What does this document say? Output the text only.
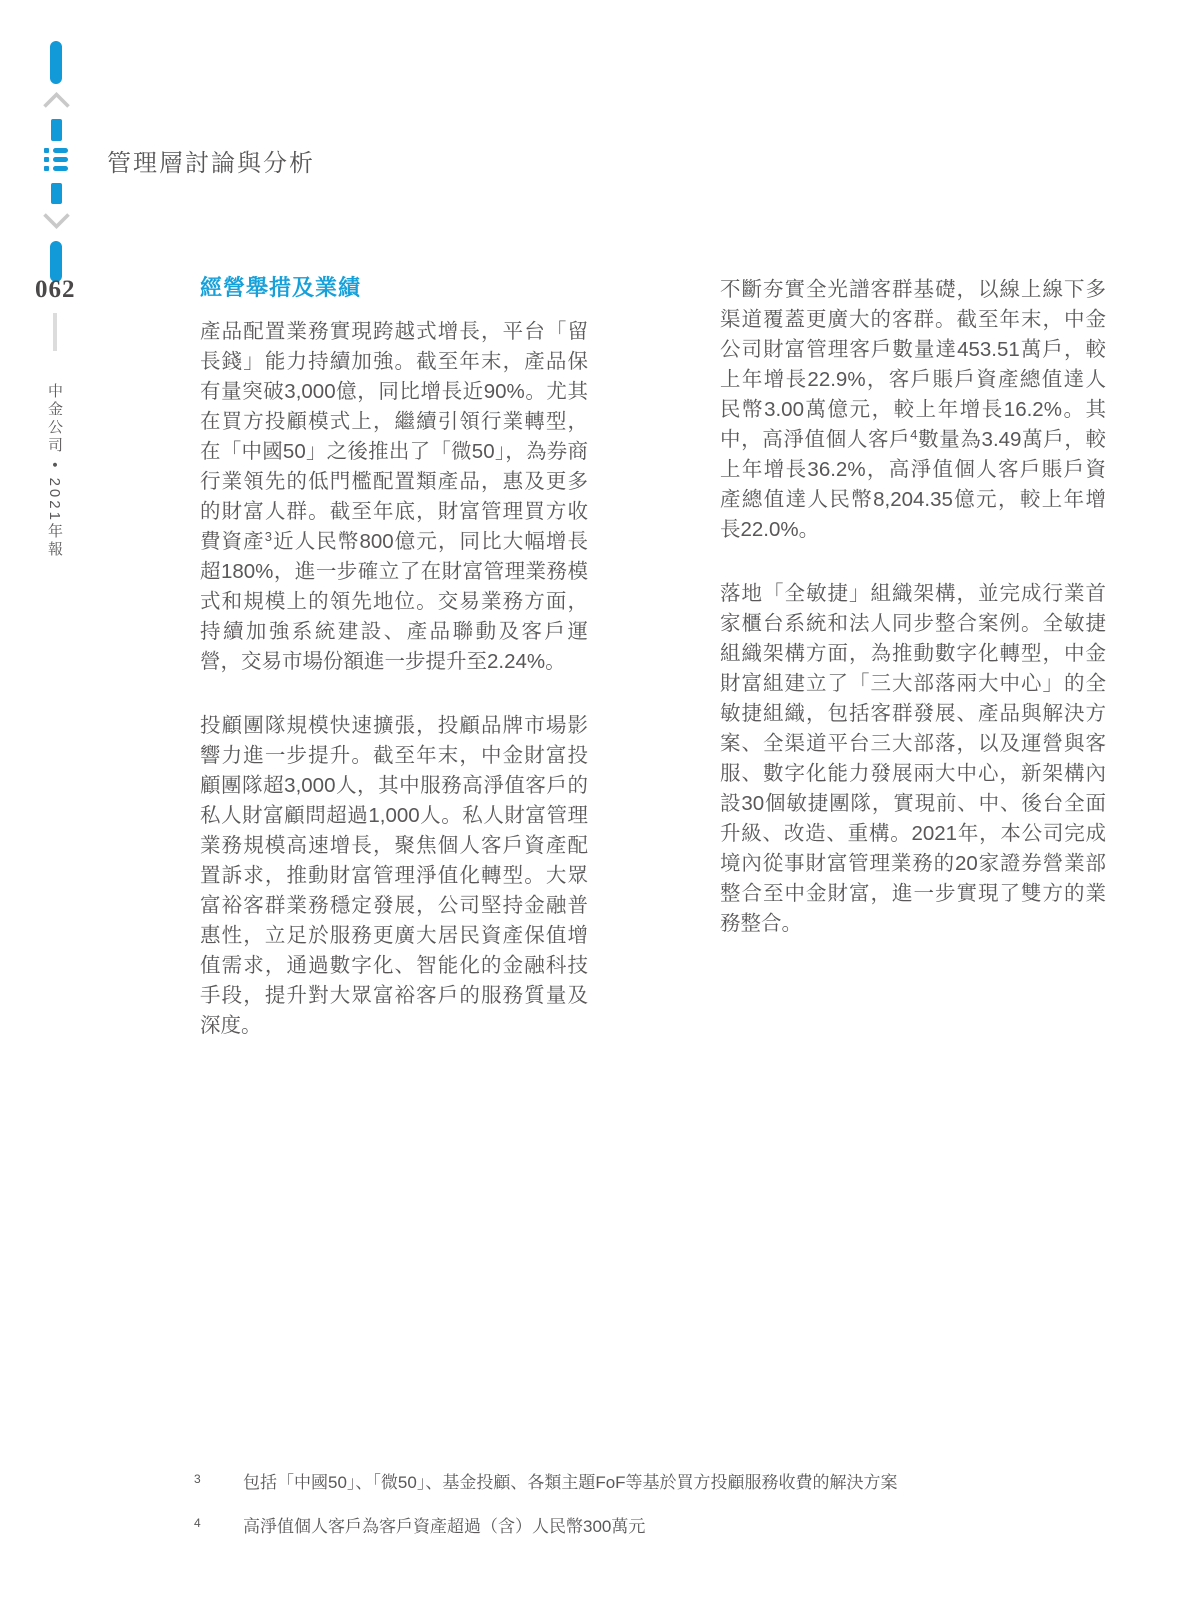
062
中金公司 • 2021年報
管理層討論與分析
經營舉措及業績

產品配置業務實現跨越式增長，平台「留長錢」能力持續加強。截至年末，產品保有量突破3,000億，同比增長近90%。尤其在買方投顧模式上，繼續引領行業轉型，在「中國50」之後推出了「微50」，為券商行業領先的低門檻配置類產品，惠及更多的財富人群。截至年底，財富管理買方收費資產$^3$近人民幣800億元，同比大幅增長超180%，進一步確立了在財富管理業務模式和規模上的領先地位。交易業務方面，持續加強系統建設、產品聯動及客戶運營，交易市場份額進一步提升至2.24%。

投顧團隊規模快速擴張，投顧品牌市場影響力進一步提升。截至年末，中金財富投顧團隊超3,000人，其中服務高淨值客戶的私人財富顧問超過1,000人。私人財富管理業務規模高速增長，聚焦個人客戶資產配置訴求，推動財富管理淨值化轉型。大眾富裕客群業務穩定發展，公司堅持金融普惠性，立足於服務更廣大居民資產保值增值需求，通過數字化、智能化的金融科技手段，提升對大眾富裕客戶的服務質量及深度。

不斷夯實全光譜客群基礎，以線上線下多渠道覆蓋更廣大的客群。截至年末，中金公司財富管理客戶數量達453.51萬戶，較上年增長22.9%，客戶賬戶資產總值達人民幣3.00萬億元，較上年增長16.2%。其中，高淨值個人客戶$^4$數量為3.49萬戶，較上年增長36.2%，高淨值個人客戶賬戶資產總值達人民幣8,204.35億元，較上年增長22.0%。

落地「全敏捷」組織架構，並完成行業首家櫃台系統和法人同步整合案例。全敏捷組織架構方面，為推動數字化轉型，中金財富組建立了「三大部落兩大中心」的全敏捷組織，包括客群發展、產品與解決方案、全渠道平台三大部落，以及運營與客服、數字化能力發展兩大中心，新架構內設30個敏捷團隊，實現前、中、後台全面升級、改造、重構。2021年，本公司完成境內從事財富管理業務的20家證券營業部整合至中金財富，進一步實現了雙方的業務整合。

3	包括「中國50」、「微50」、基金投顧、各類主題FoF等基於買方投顧服務收費的解決方案
4	高淨值個人客戶為客戶資產超過（含）人民幣300萬元
